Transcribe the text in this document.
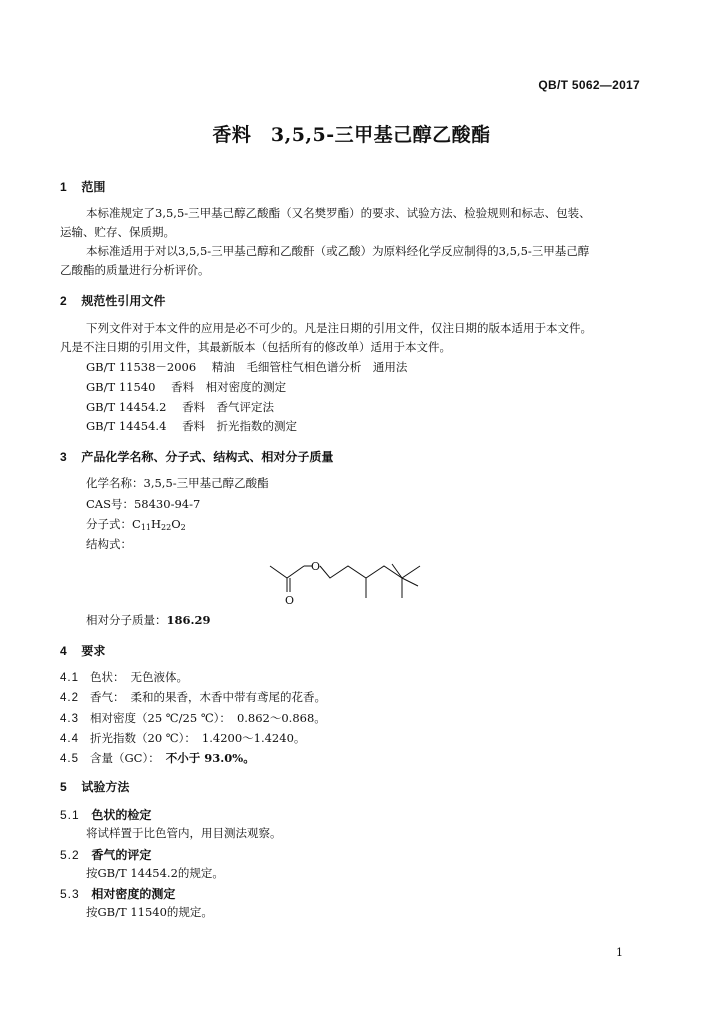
QB/T 5062—2017
香料　3,5,5-三甲基己醇乙酸酯
1 范围
本标准规定了3,5,5-三甲基己醇乙酸酯（又名樊罗酯）的要求、试验方法、检验规则和标志、包装、
运输、贮存、保质期。
本标准适用于对以3,5,5-三甲基己醇和乙酸酐（或乙酸）为原料经化学反应制得的3,5,5-三甲基己醇
乙酸酯的质量进行分析评价。
2 规范性引用文件
下列文件对于本文件的应用是必不可少的。凡是注日期的引用文件，仅注日期的版本适用于本文件。
凡是不注日期的引用文件，其最新版本（包括所有的修改单）适用于本文件。
GB/T 11538－2006 精油　毛细管柱气相色谱分析　通用法
GB/T 11540 香料　相对密度的测定
GB/T 14454.2 香料　香气评定法
GB/T 14454.4 香料　折光指数的测定
3 产品化学名称、分子式、结构式、相对分子质量
化学名称：3,5,5-三甲基己醇乙酸酯
CAS号：58430-94-7
分子式：$C_{11}H_{22}O_2$
结构式：
O
O
相对分子质量：186.29
4 要求
4.1 色状： 无色液体。
4.2 香气： 柔和的果香，木香中带有鸢尾的花香。
4.3 相对密度（25 ℃/25 ℃）： 0.862～0.868。
4.4 折光指数（20 ℃）： 1.4200～1.4240。
4.5 含量（GC）： 不小于 93.0%。
5 试验方法
5.1 色状的检定
将试样置于比色管内，用目测法观察。
5.2 香气的评定
按GB/T 14454.2的规定。
5.3 相对密度的测定
按GB/T 11540的规定。
1
